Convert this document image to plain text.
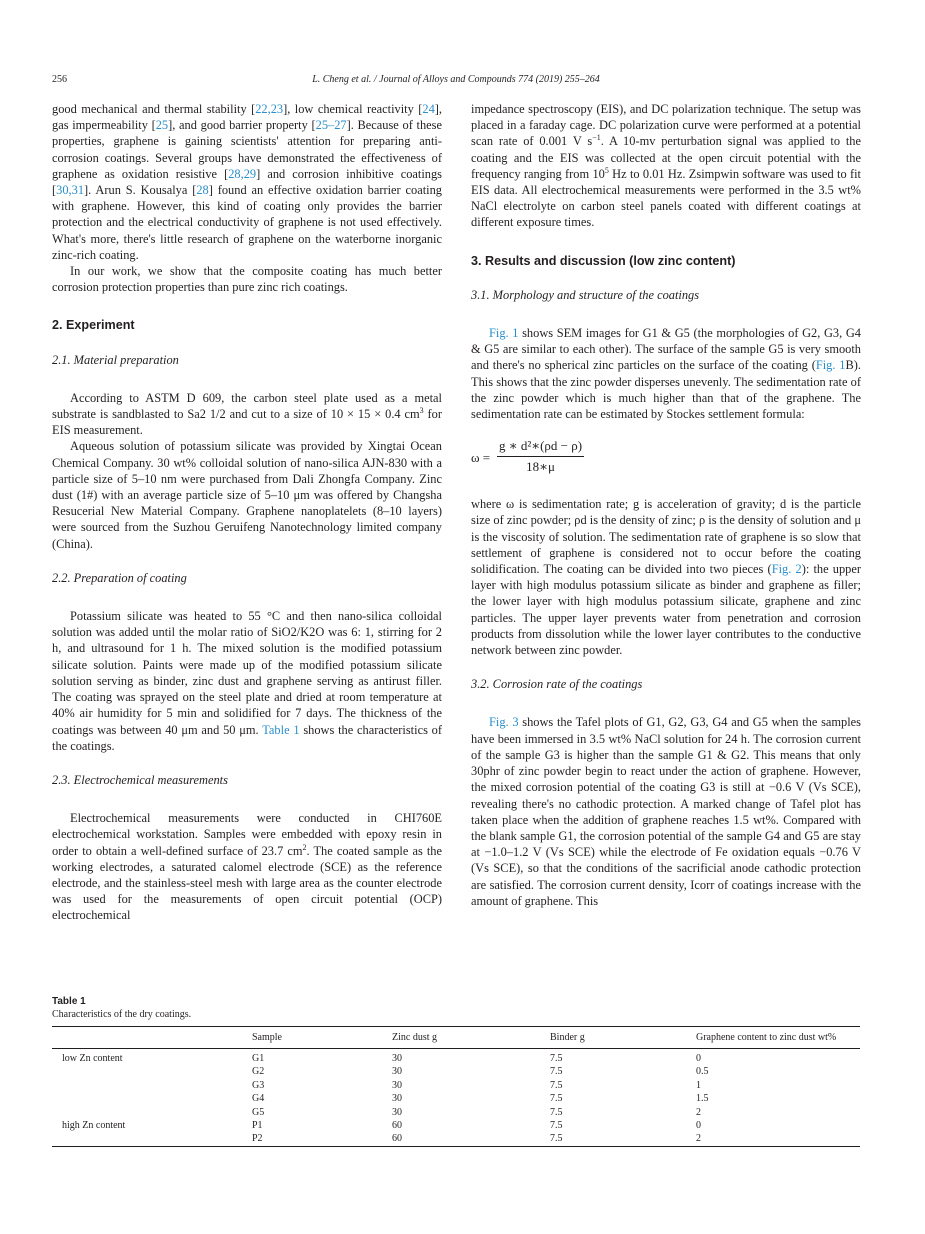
256	L. Cheng et al. / Journal of Alloys and Compounds 774 (2019) 255–264

good mechanical and thermal stability [22,23], low chemical reactivity [24], gas impermeability [25], and good barrier property [25–27]. Because of these properties, graphene is gaining scientists' attention for preparing anti-corrosion coatings. Several groups have demonstrated the effectiveness of graphene as oxidation resistive [28,29] and corrosion inhibitive coatings [30,31]. Arun S. Kousalya [28] found an effective oxidation barrier coating with graphene. However, this kind of coating only provides the barrier protection and the electrical conductivity of graphene is not used effectively. What's more, there's little research of graphene on the waterborne inorganic zinc-rich coating.

In our work, we show that the composite coating has much better corrosion protection properties than pure zinc rich coatings.

2. Experiment
2.1. Material preparation

According to ASTM D 609, the carbon steel plate used as a metal substrate is sandblasted to Sa2 1/2 and cut to a size of 10 × 15 × 0.4 $cm^3$ for EIS measurement.

Aqueous solution of potassium silicate was provided by Xingtai Ocean Chemical Company. 30 wt% colloidal solution of nano-silica AJN-830 with a particle size of 5–10 nm were purchased from Dali Zhongfa Company. Zinc dust (1#) with an average particle size of 5–10 μm was offered by Changsha Resucerial New Material Company. Graphene nanoplatelets (8–10 layers) were sourced from the Suzhou Geruifeng Nanotechnology limited company (China).

2.2. Preparation of coating

Potassium silicate was heated to 55 °C and then nano-silica colloidal solution was added until the molar ratio of SiO2/K2O was 6: 1, stirring for 2 h, and ultrasound for 1 h. The mixed solution is the modified potassium silicate solution. Paints were made up of the modified potassium silicate solution serving as binder, zinc dust and graphene serving as antirust filler. The coating was sprayed on the steel plate and dried at room temperature at 40% air humidity for 5 min and solidified for 7 days. The thickness of the coatings was between 40 μm and 50 μm. Table 1 shows the characteristics of the coatings.

2.3. Electrochemical measurements

Electrochemical measurements were conducted in CHI760E electrochemical workstation. Samples were embedded with epoxy resin in order to obtain a well-defined surface of 23.7 $cm^2$. The coated sample as the working electrodes, a saturated calomel electrode (SCE) as the reference electrode, and the stainless-steel mesh with large area as the counter electrode was used for the measurements of open circuit potential (OCP) electrochemical

impedance spectroscopy (EIS), and DC polarization technique. The setup was placed in a faraday cage. DC polarization curve were performed at a potential scan rate of 0.001 V $s^{-1}$. A 10-mv perturbation signal was applied to the coating and the EIS was collected at the open circuit potential with the frequency ranging from $10^5$ Hz to 0.01 Hz. Zsimpwin software was used to fit EIS data. All electrochemical measurements were performed in the 3.5 wt% NaCl electrolyte on carbon steel panels coated with different coatings at different exposure times.

3. Results and discussion (low zinc content)
3.1. Morphology and structure of the coatings

Fig. 1 shows SEM images for G1 & G5 (the morphologies of G2, G3, G4 & G5 are similar to each other). The surface of the sample G5 is very smooth and there's no spherical zinc particles on the surface of the coating (Fig. 1B). This shows that the zinc powder disperses unevenly. The sedimentation rate of the zinc powder which is much higher than that of the graphene. The sedimentation rate can be estimated by Stockes settlement formula:

$\omega = \frac{\text{g ∗ d²∗(ρd − ρ)}}{18∗\mu}$

where ω is sedimentation rate; g is acceleration of gravity; d is the particle size of zinc powder; ρd is the density of zinc; ρ is the density of solution and μ is the viscosity of solution. The sedimentation rate of graphene is so slow that settlement of graphene is considered not to occur before the coating solidification. The coating can be divided into two pieces (Fig. 2): the upper layer with high modulus potassium silicate as binder and graphene as filler; the lower layer with high modulus potassium silicate, graphene and zinc particles. The upper layer prevents water from penetration and corrosion products from dissolution while the lower layer contributes to the conductive network between zinc powder.

3.2. Corrosion rate of the coatings

Fig. 3 shows the Tafel plots of G1, G2, G3, G4 and G5 when the samples have been immersed in 3.5 wt% NaCl solution for 24 h. The corrosion current of the sample G3 is higher than the sample G1 & G2. This means that only 30phr of zinc powder begin to react under the action of graphene. However, the mixed corrosion potential of the coating G3 is still at −0.6 V (Vs SCE), revealing there's no cathodic protection. A marked change of Tafel plot has taken place when the addition of graphene reaches 1.5 wt%. Compared with the blank sample G1, the corrosion potential of the sample G4 and G5 are stay at −1.0–1.2 V (Vs SCE) while the electrode of Fe oxidation equals −0.76 V (Vs SCE), so that the conditions of the sacrificial anode cathodic protection are satisfied. The corrosion current density, Icorr of coatings increase with the amount of graphene. This

Table 1
Characteristics of the dry coatings.
	Sample	Zinc dust g	Binder g	Graphene content to zinc dust wt%
low Zn content	G1	30	7.5	0
	G2	30	7.5	0.5
	G3	30	7.5	1
	G4	30	7.5	1.5
	G5	30	7.5	2
high Zn content	P1	60	7.5	0
	P2	60	7.5	2
